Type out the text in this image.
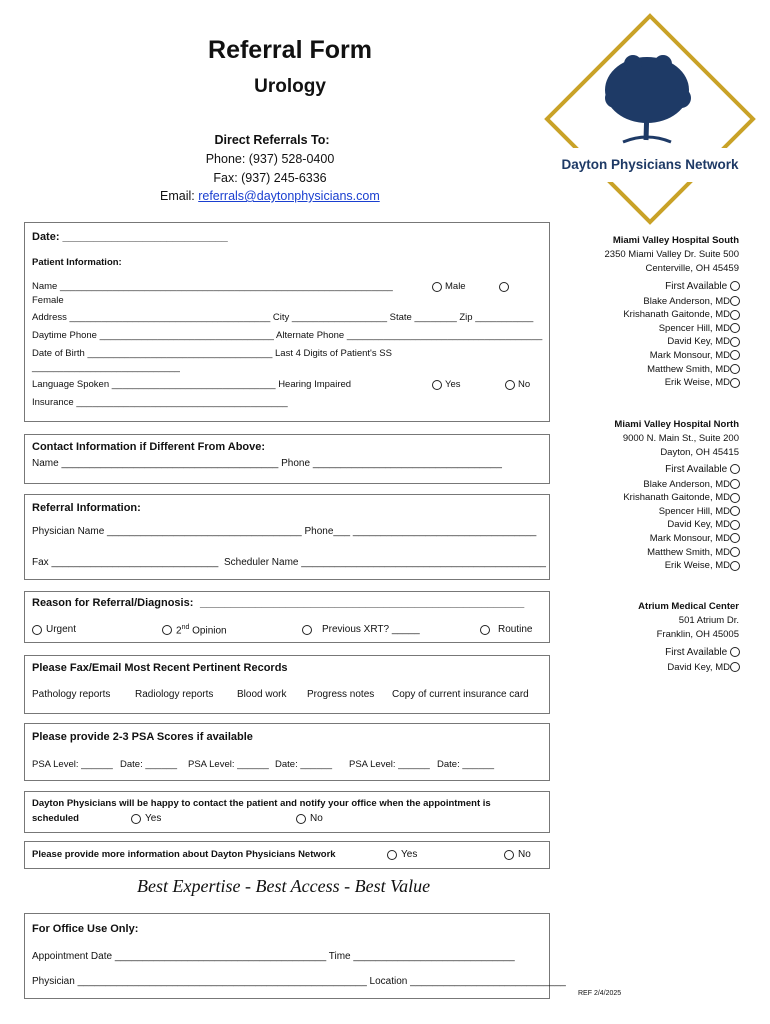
Referral Form
Urology
Direct Referrals To:
Phone: (937) 528-0400
Fax: (937) 245-6336
Email: referrals@daytonphysicians.com
Dayton Physicians Network
Date: ___________________________
Patient Information:
Name _______________________________________________________________	Male
Female
Address ______________________________________ City __________________ State ________ Zip ___________
Daytime Phone _________________________________ Alternate Phone _____________________________________
Date of Birth ___________________________________ Last 4 Digits of Patient's SS
____________________________
Language Spoken _______________________________ Hearing Impaired	Yes	No
Insurance ________________________________________
Contact Information if Different From Above:
Name _______________________________________ Phone __________________________________
Referral Information:
Physician Name ___________________________________ Phone___ _________________________________
Fax ______________________________ Scheduler Name ____________________________________________
Reason for Referral/Diagnosis: _____________________________________________________
Urgent	2nd Opinion	Previous XRT? _____	Routine
Please Fax/Email Most Recent Pertinent Records
Pathology reports Radiology reports Blood work Progress notes Copy of current insurance card
Please provide 2-3 PSA Scores if available
PSA Level: ______ Date: ______ PSA Level: ______ Date: ______ PSA Level: ______ Date: ______
Dayton Physicians will be happy to contact the patient and notify your office when the appointment is
scheduled	Yes	No
Please provide more information about Dayton Physicians Network	Yes	No
Best Expertise - Best Access - Best Value
For Office Use Only:
Appointment Date ______________________________________ Time _____________________________
Physician ____________________________________________________ Location ____________________________
Miami Valley Hospital South
2350 Miami Valley Dr. Suite 500
Centerville, OH 45459
First Available
Blake Anderson, MD
Krishanath Gaitonde, MD
Spencer Hill, MD
David Key, MD
Mark Monsour, MD
Matthew Smith, MD
Erik Weise, MD
Miami Valley Hospital North
9000 N. Main St., Suite 200
Dayton, OH 45415
First Available
Blake Anderson, MD
Krishanath Gaitonde, MD
Spencer Hill, MD
David Key, MD
Mark Monsour, MD
Matthew Smith, MD
Erik Weise, MD
Atrium Medical Center
501 Atrium Dr.
Franklin, OH 45005
First Available
David Key, MD
REF 2/4/2025
